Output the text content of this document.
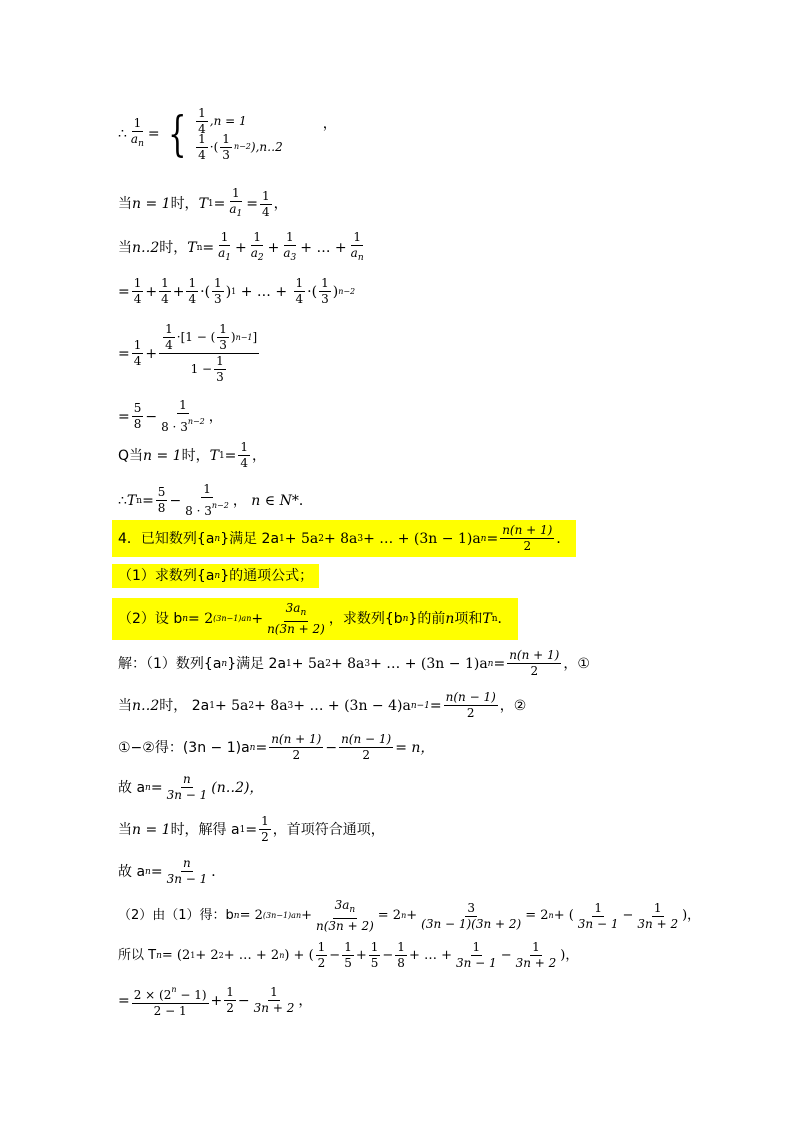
∴ $\frac{1}{a_n}$ = { $\frac{1}{4} ,n = 1$
$\frac{1}{4}$ ·( $\frac{1}{3} n-2$ ),n‥2
，
当 n = 1 时， T $1 = \frac{1}{a_1} = \frac{1}{4}$ ，
当 n‥2 时， T $n = \frac{1}{a_1} + \frac{1}{a_2} + \frac{1}{a_3}$ + … + $\frac{1}{a_n}$
= $\frac{1}{4} + \frac{1}{4} + \frac{1}{4}$ ·( $\frac{1}{3}$ ) 1 + … + $\frac{1}{4}$ ·( $\frac{1}{3}$ ) n−2
= $\frac{1}{4} + \frac{\frac{1}{4} \cdot[1 - ( \frac{1}{3} ) n-1 ]}{1 - \frac{1}{3}}$
= $\frac{5}{8} - \frac{1}{8 \cdot 3^{n-2}}$ ，
Q当 n = 1 时， T $1 = \frac{1}{4}$ ，
∴ T $n = \frac{5}{8} - \frac{1}{8 \cdot 3^{n-2}}$ ，
n ∈ N* ．
4．已知数列{a n }满足 2a 1 + 5a 2 + 8a 3 + … + (3n − 1)a $n = \frac{n(n + 1)}{2}$ ．
（1）求数列{a n }的通项公式；
（2）设 b n = 2 $(3n-1)an + \frac{3a_n}{n(3n + 2)}$ ，求数列{b n }的前 n 项和 T n ．
解：（1）数列{a n }满足 2a 1 + 5a 2 + 8a 3 + … + (3n − 1)a $n = \frac{n(n + 1)}{2}$ ，①
当 n‥2 时， 2a 1 + 5a 2 + 8a 3 + … + (3n − 4)a $n-1 = \frac{n(n - 1)}{2}$ ，②
①−②得：(3n − 1)a $n = \frac{n(n + 1)}{2} - \frac{n(n - 1)}{2} = n$，
故 a $n = \frac{n}{3n - 1}$ (n‥2)，
当 n = 1 时，解得 a $1 = \frac{1}{2}$ ，首项符合通项，
故 a $n = \frac{n}{3n - 1}$ ．
（2）由（1）得：b n = 2 $(3n-1)an + \frac{3a_n}{n(3n + 2)} = 2$ $n + \frac{3}{(3n - 1)(3n + 2)} = 2$ n + ( $\frac{1}{3n - 1} - \frac{1}{3n + 2}$ )，
所以 T n = (2 1 + 2 2 + … + 2 n ) + ( $\frac{1}{2} - \frac{1}{5} + \frac{1}{5} - \frac{1}{8}$ + … + $\frac{1}{3n - 1} - \frac{1}{3n + 2}$ )，
= $\frac{2 \times (2^n - 1)}{2 - 1} + \frac{1}{2} - \frac{1}{3n + 2}$ ，
